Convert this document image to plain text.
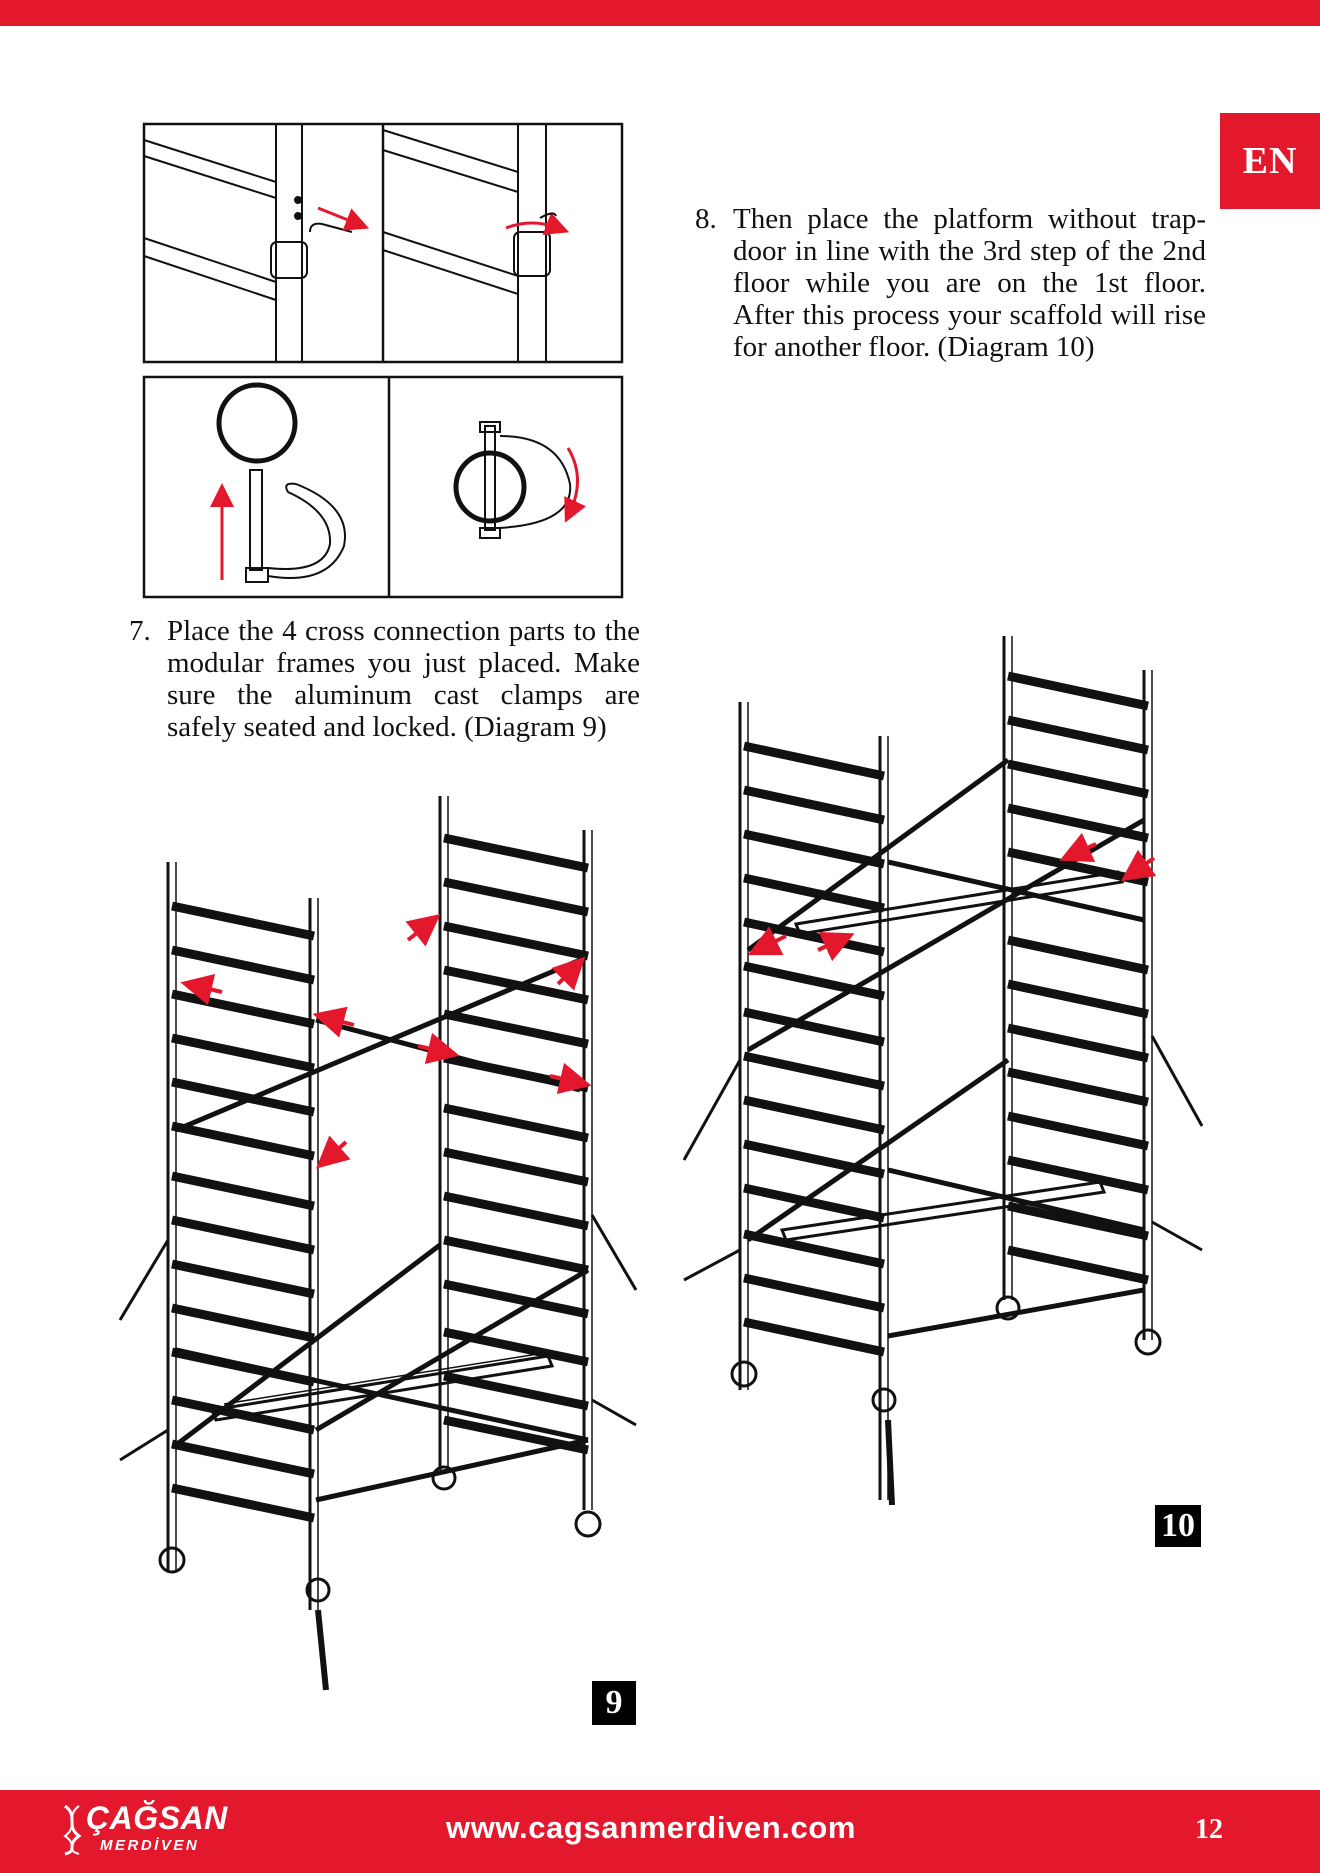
EN
8. Then place the platform without trap-door in line with the 3rd step of the 2nd floor while you are on the 1st floor. After this process your scaffold will rise for another floor. (Diagram 10)
7. Place the 4 cross connection parts to the modular frames you just placed. Make sure the aluminum cast clamps are safely seated and locked. (Diagram 9)
9
10
ÇAĞSAN
MERDİVEN
www.cagsanmerdiven.com	12
